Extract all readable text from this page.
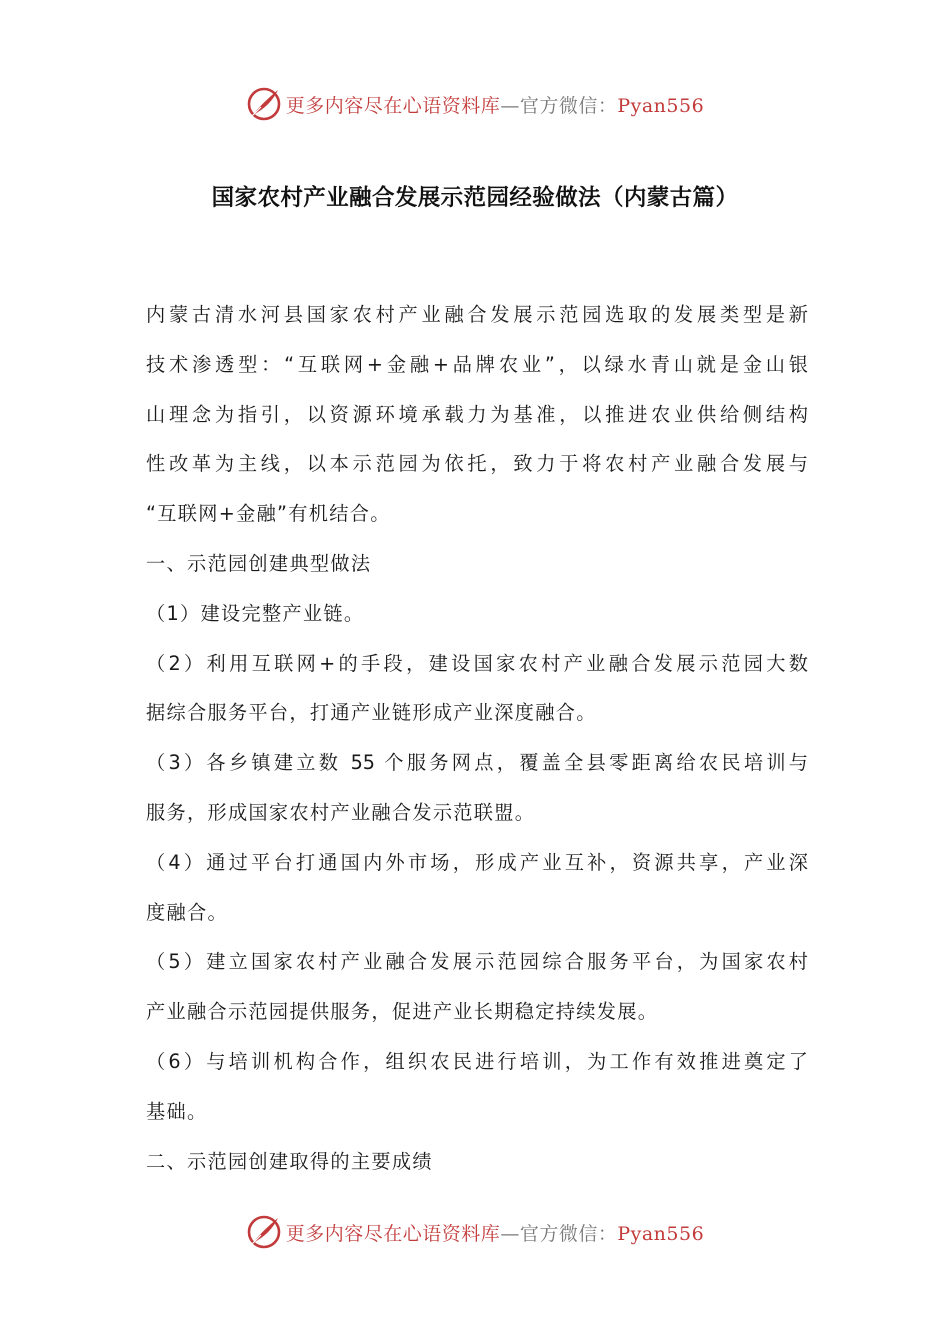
更多内容尽在心语资料库—官方微信：Pyan556
国家农村产业融合发展示范园经验做法（内蒙古篇）
内蒙古清水河县国家农村产业融合发展示范园选取的发展类型是新
技术渗透型：“互联网+金融+品牌农业”，以绿水青山就是金山银
山理念为指引，以资源环境承载力为基准，以推进农业供给侧结构
性改革为主线，以本示范园为依托，致力于将农村产业融合发展与
“互联网+金融”有机结合。
一、示范园创建典型做法
（1）建设完整产业链。
（2）利用互联网+的手段，建设国家农村产业融合发展示范园大数
据综合服务平台，打通产业链形成产业深度融合。
（3）各乡镇建立数 55 个服务网点，覆盖全县零距离给农民培训与
服务，形成国家农村产业融合发示范联盟。
（4）通过平台打通国内外市场，形成产业互补，资源共享，产业深
度融合。
（5）建立国家农村产业融合发展示范园综合服务平台，为国家农村
产业融合示范园提供服务，促进产业长期稳定持续发展。
（6）与培训机构合作，组织农民进行培训，为工作有效推进奠定了
基础。
二、示范园创建取得的主要成绩
更多内容尽在心语资料库—官方微信：Pyan556
